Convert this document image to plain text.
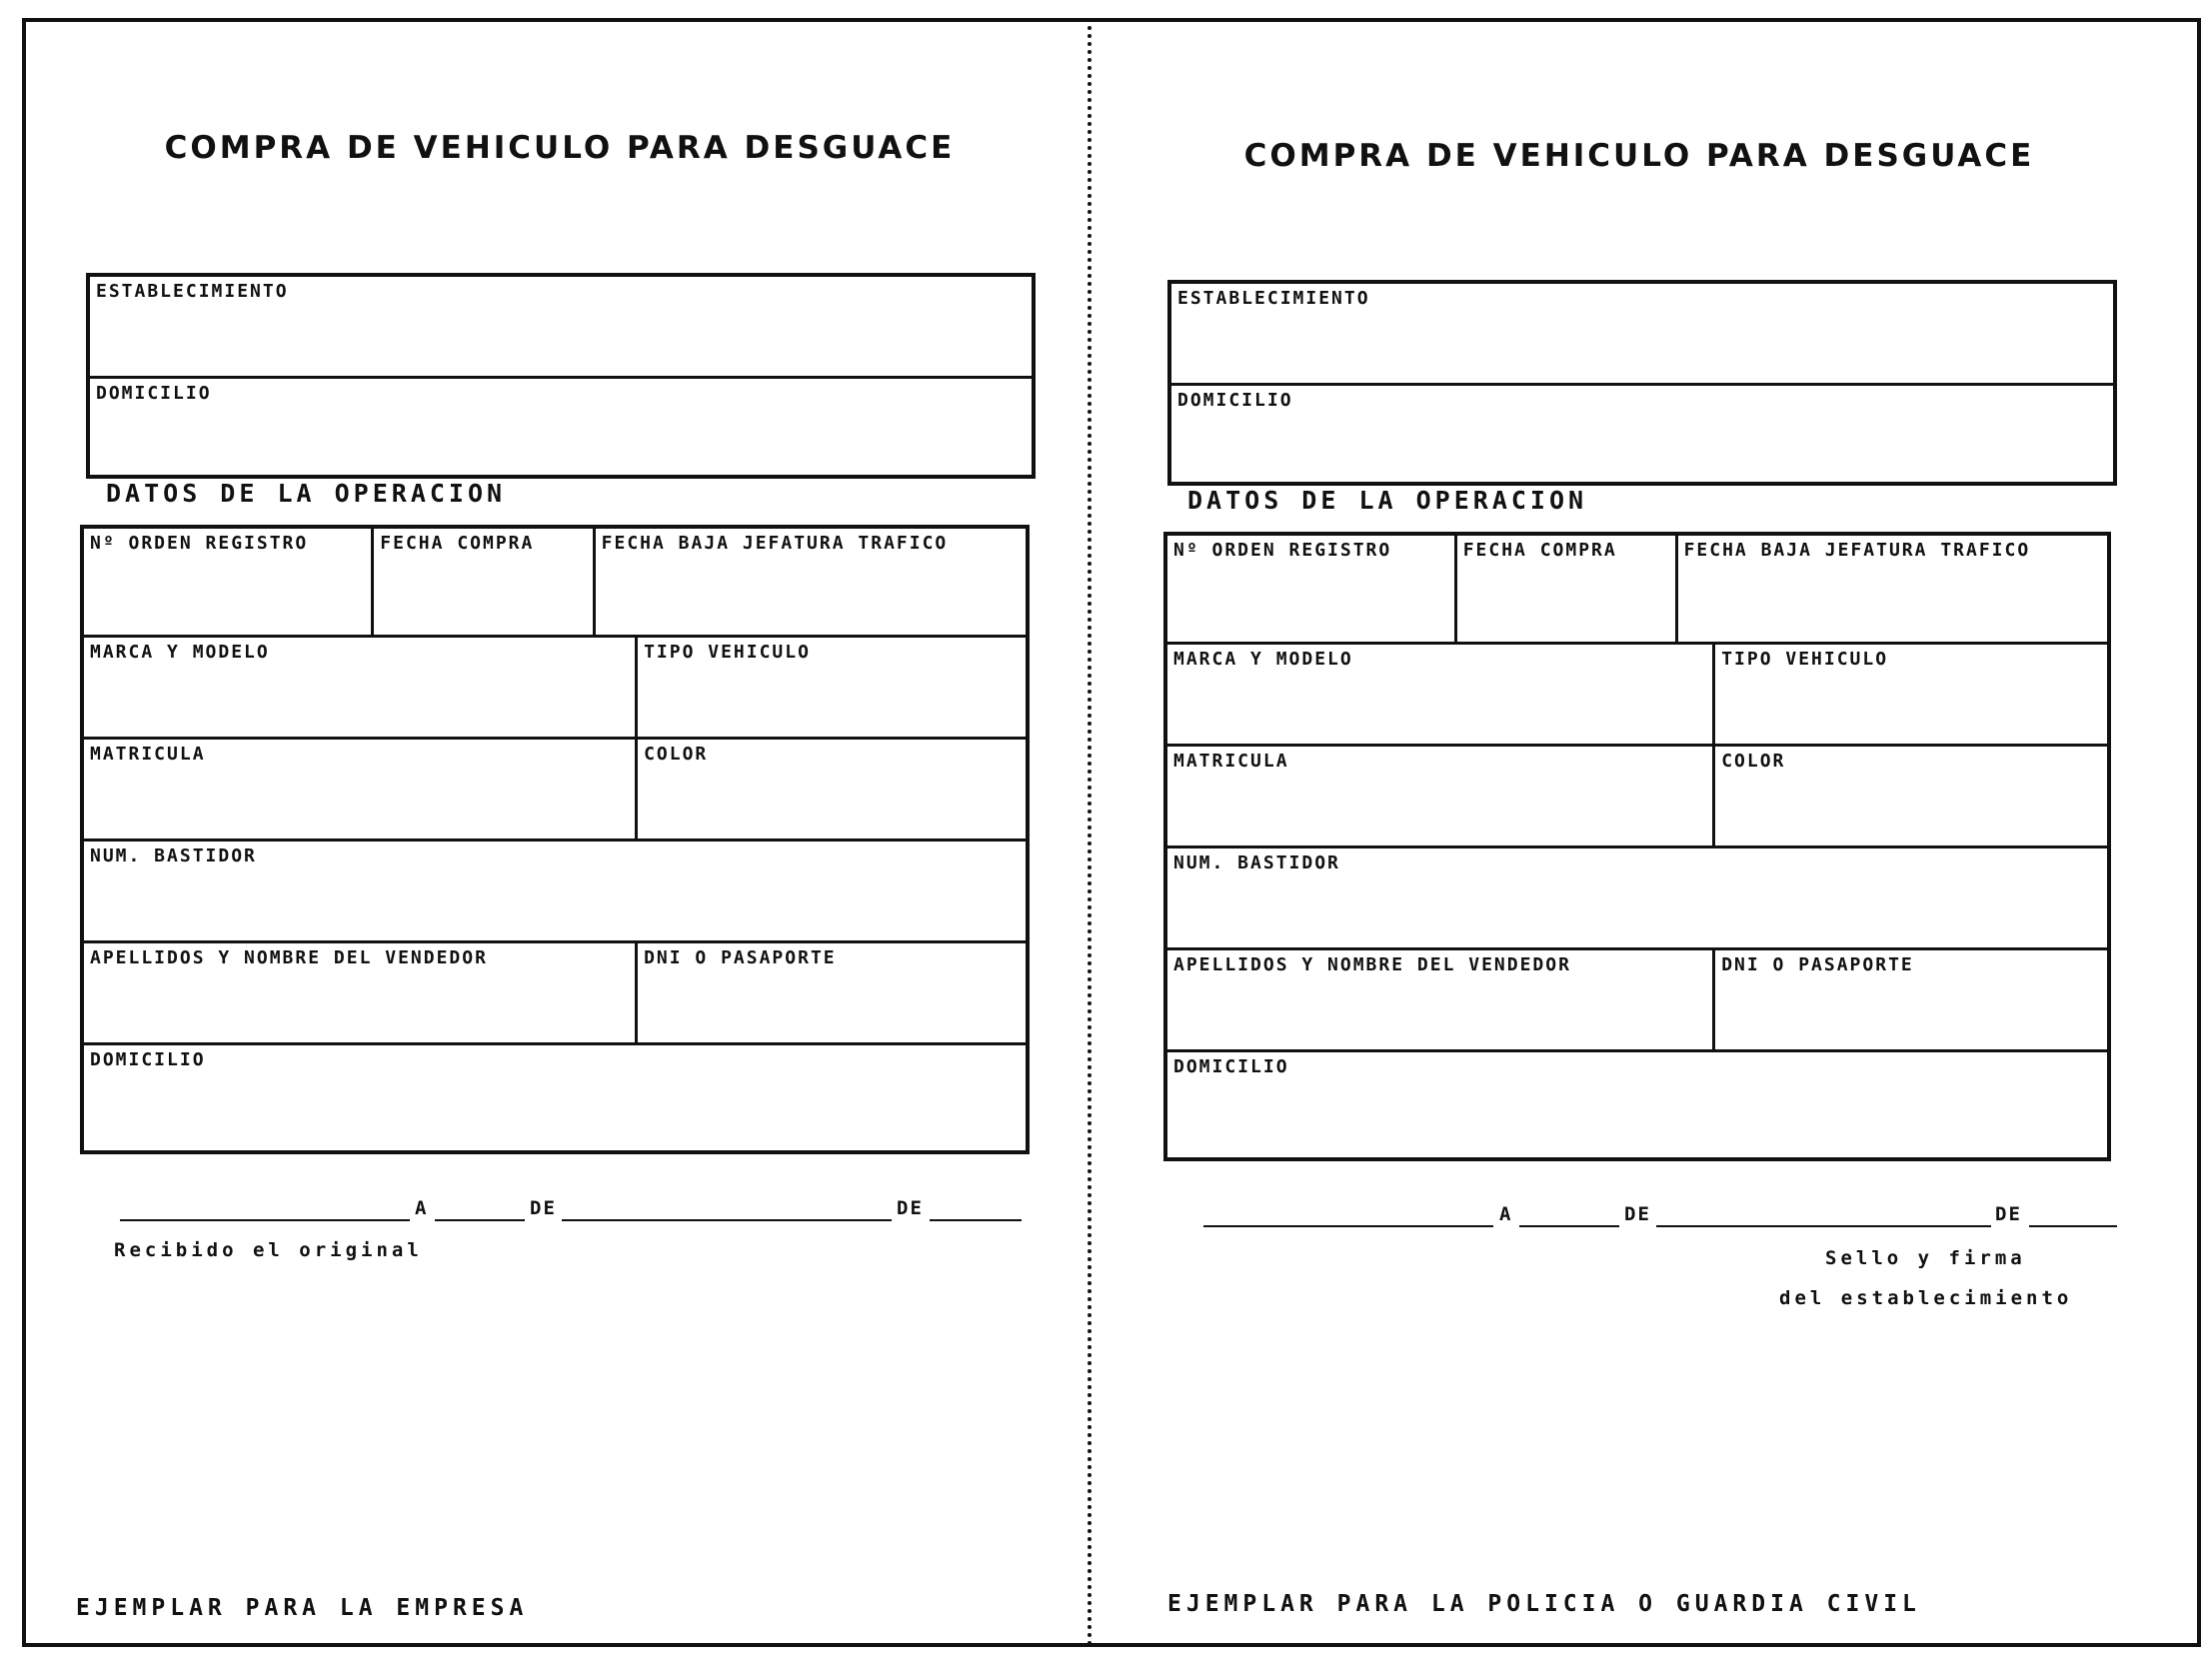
COMPRA DE VEHICULO PARA DESGUACE
ESTABLECIMIENTO
DOMICILIO
DATOS DE LA OPERACION
Nº ORDEN REGISTRO	FECHA COMPRA	FECHA BAJA JEFATURA TRAFICO
MARCA Y MODELO	TIPO VEHICULO
MATRICULA	COLOR
NUM. BASTIDOR
APELLIDOS Y NOMBRE DEL VENDEDOR	DNI O PASAPORTE
DOMICILIO
A	DE	DE
Recibido el original
EJEMPLAR PARA LA EMPRESA
COMPRA DE VEHICULO PARA DESGUACE
ESTABLECIMIENTO
DOMICILIO
DATOS DE LA OPERACION
Nº ORDEN REGISTRO	FECHA COMPRA	FECHA BAJA JEFATURA TRAFICO
MARCA Y MODELO	TIPO VEHICULO
MATRICULA	COLOR
NUM. BASTIDOR
APELLIDOS Y NOMBRE DEL VENDEDOR	DNI O PASAPORTE
DOMICILIO
A	DE	DE
Sello y firma
del establecimiento
EJEMPLAR PARA LA POLICIA O GUARDIA CIVIL
